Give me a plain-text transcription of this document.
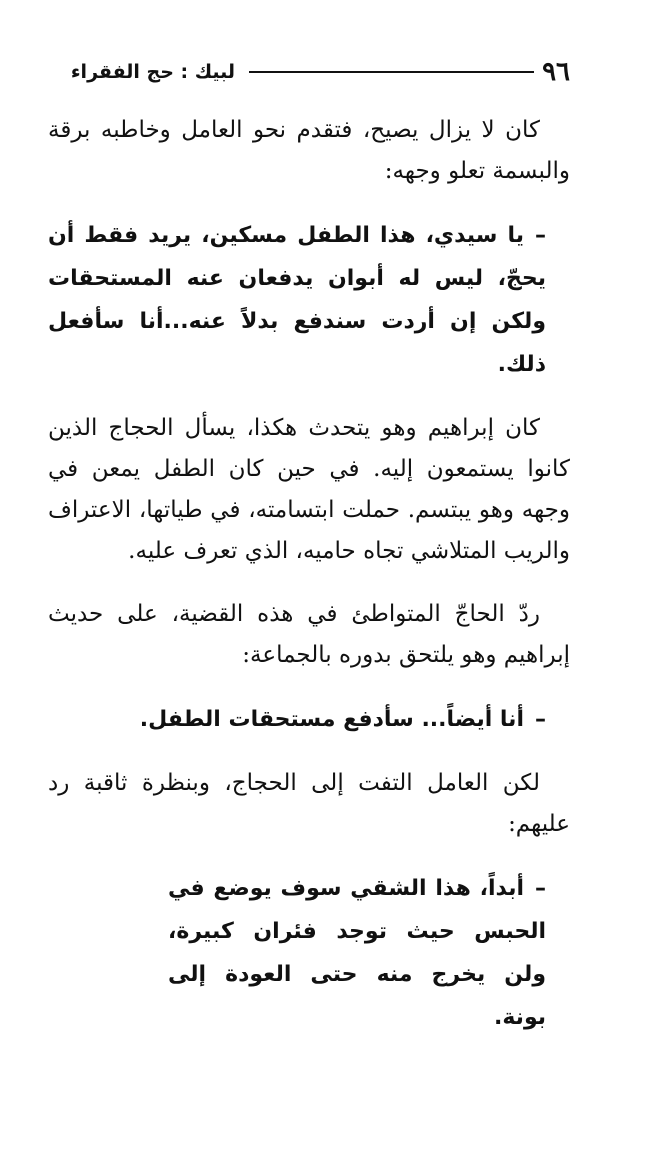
٩٦
لبيك : حج الفقراء

كان لا يزال يصيح، فتقدم نحو العامل وخاطبه برقة والبسمة تعلو وجهه:

–يا سيدي، هذا الطفل مسكين، يريد فقط أن يحجّ، ليس له أبوان يدفعان عنه المستحقات ولكن إن أردت سندفع بدلاً عنه...أنا سأفعل ذلك.

كان إبراهيم وهو يتحدث هكذا، يسأل الحجاج الذين كانوا يستمعون إليه. في حين كان الطفل يمعن في وجهه وهو يبتسم. حملت ابتسامته، في طياتها، الاعتراف والريب المتلاشي تجاه حاميه، الذي تعرف عليه.

ردّ الحاجّ المتواطئ في هذه القضية، على حديث إبراهيم وهو يلتحق بدوره بالجماعة:

–أنا أيضاً... سأدفع مستحقات الطفل.

لكن العامل التفت إلى الحجاج، وبنظرة ثاقبة رد عليهم:

–أبداً، هذا الشقي سوف يوضع في الحبس حيث توجد فئران كبيرة، ولن يخرج منه حتى العودة إلى بونة.
